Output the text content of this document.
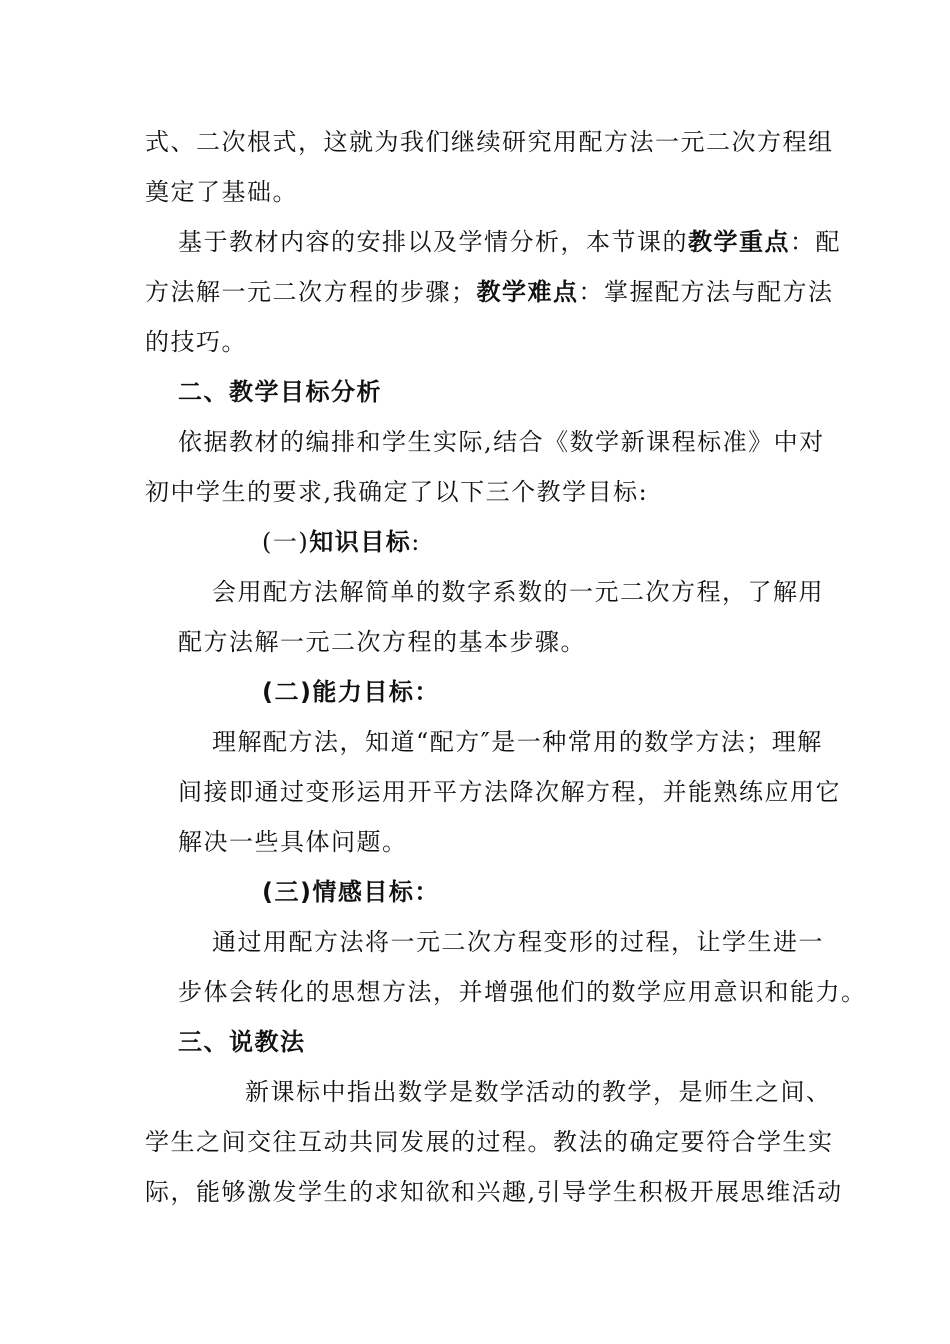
式、二次根式，这就为我们继续研究用配方法一元二次方程组
奠定了基础。
基于教材内容的安排以及学情分析，本节课的教学重点：配
方法解一元二次方程的步骤；教学难点：掌握配方法与配方法
的技巧。
二、教学目标分析
依据教材的编排和学生实际,结合《数学新课程标准》中对
初中学生的要求,我确定了以下三个教学目标:
(一)知识目标:
会用配方法解简单的数字系数的一元二次方程，了解用
配方法解一元二次方程的基本步骤。
(二)能力目标：
理解配方法，知道“配方″是一种常用的数学方法；理解
间接即通过变形运用开平方法降次解方程，并能熟练应用它
解决一些具体问题。
(三)情感目标：
通过用配方法将一元二次方程变形的过程，让学生进一
步体会转化的思想方法，并增强他们的数学应用意识和能力。
三、说教法
新课标中指出数学是数学活动的教学，是师生之间、
学生之间交往互动共同发展的过程。教法的确定要符合学生实
际，能够激发学生的求知欲和兴趣,引导学生积极开展思维活动
